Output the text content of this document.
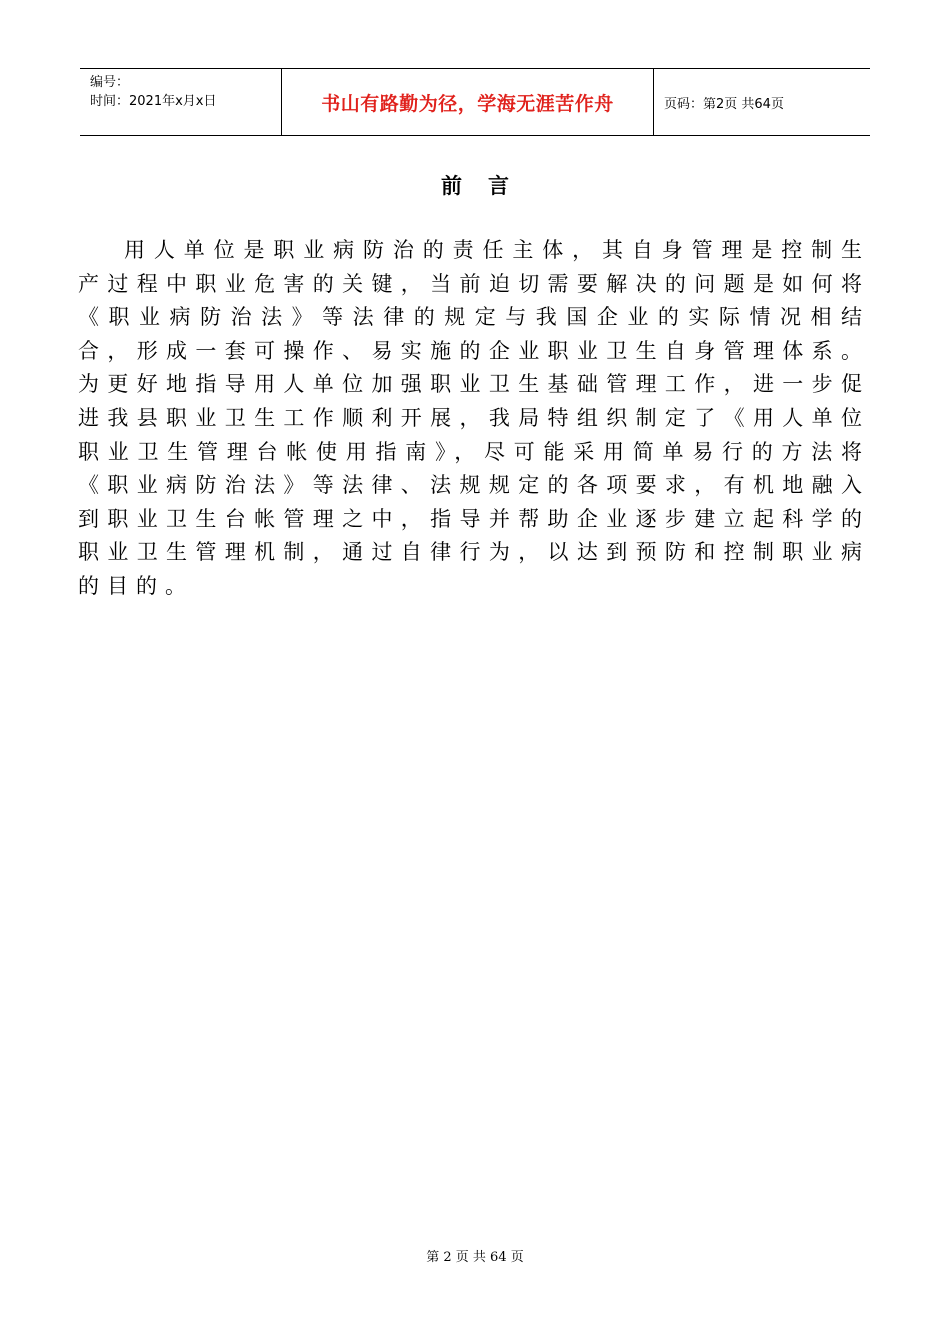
编号：
时间：2021年x月x日	书山有路勤为径，学海无涯苦作舟	页码：第2页 共64页
前言

用人单位是职业病防治的责任主体，其自身管理是控制生产过程中职业危害的关键，当前迫切需要解决的问题是如何将《职业病防治法》等法律的规定与我国企业的实际情况相结合，形成一套可操作、易实施的企业职业卫生自身管理体系。为更好地指导用人单位加强职业卫生基础管理工作，进一步促进我县职业卫生工作顺利开展，我局特组织制定了《用人单位职业卫生管理台帐使用指南》，尽可能采用简单易行的方法将《职业病防治法》等法律、法规规定的各项要求，有机地融入到职业卫生台帐管理之中，指导并帮助企业逐步建立起科学的职业卫生管理机制，通过自律行为，以达到预防和控制职业病的目的。

第 2 页 共 64 页
